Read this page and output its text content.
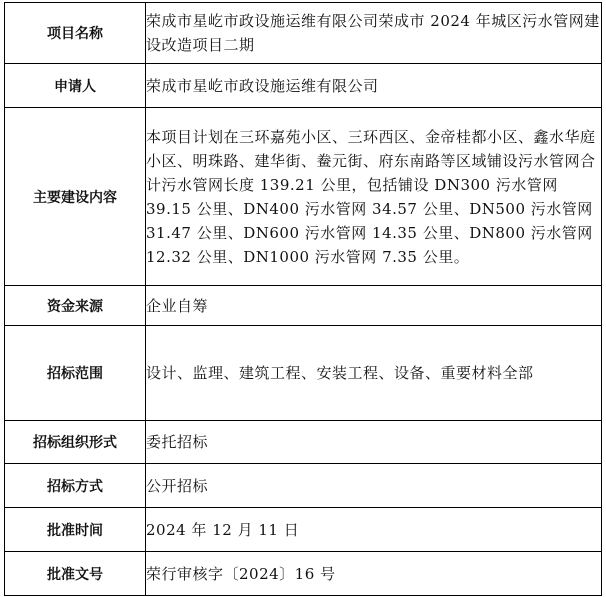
项目名称	荣成市星屹市政设施运维有限公司荣成市 2024 年城区污水管网建设改造项目二期
申请人	荣成市星屹市政设施运维有限公司
主要建设内容	本项目计划在三环嘉苑小区、三环西区、金帝桂都小区、鑫水华庭小区、明珠路、建华街、鲞元街、府东南路等区域铺设污水管网合计污水管网长度 139.21 公里，包括铺设 DN300 污水管网 39.15 公里、DN400 污水管网 34.57 公里、DN500 污水管网 31.47 公里、DN600 污水管网 14.35 公里、DN800 污水管网 12.32 公里、DN1000 污水管网 7.35 公里。
资金来源	企业自筹
招标范围	设计、监理、建筑工程、安装工程、设备、重要材料全部
招标组织形式	委托招标
招标方式	公开招标
批准时间	2024 年 12 月 11 日
批准文号	荣行审核字〔2024〕16 号
